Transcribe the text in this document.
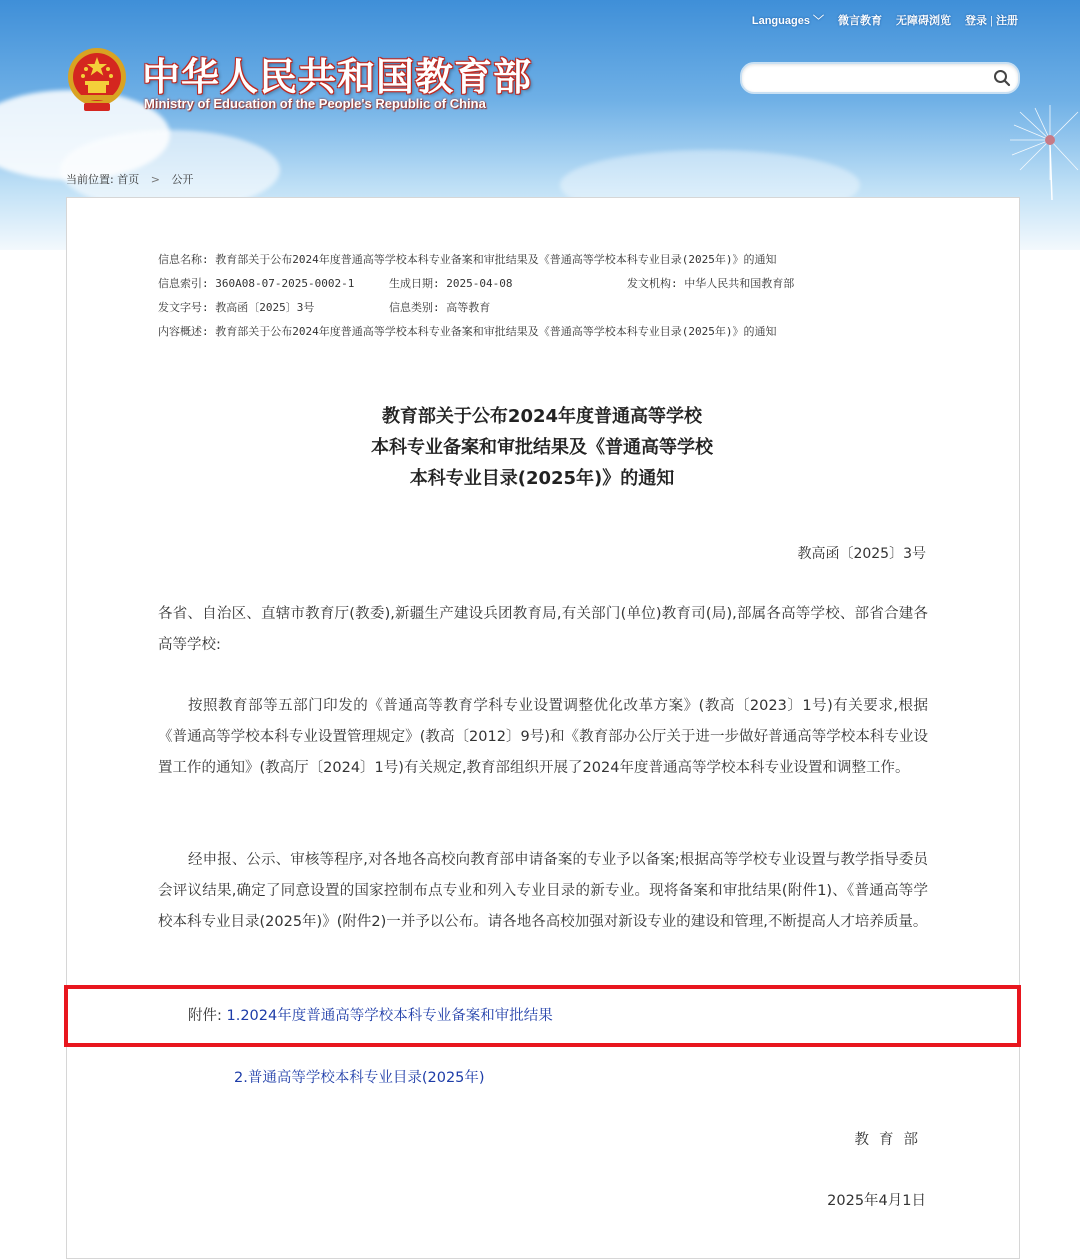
中华人民共和国教育部
Ministry of Education of the People's Republic of China
Languages ﹀ 微言教育 无障碍浏览 登录 | 注册
当前位置: 首页 > 公开
信息名称: 教育部关于公布2024年度普通高等学校本科专业备案和审批结果及《普通高等学校本科专业目录(2025年)》的通知
信息索引: 360A08-07-2025-0002-1	生成日期: 2025-04-08	发文机构: 中华人民共和国教育部
发文字号: 教高函〔2025〕3号	信息类别: 高等教育
内容概述: 教育部关于公布2024年度普通高等学校本科专业备案和审批结果及《普通高等学校本科专业目录(2025年)》的通知
教育部关于公布2024年度普通高等学校
本科专业备案和审批结果及《普通高等学校
本科专业目录(2025年)》的通知
教高函〔2025〕3号

各省、自治区、直辖市教育厅(教委),新疆生产建设兵团教育局,有关部门(单位)教育司(局),部属各高等学校、部省合建各高等学校:

按照教育部等五部门印发的《普通高等教育学科专业设置调整优化改革方案》(教高〔2023〕1号)有关要求,根据《普通高等学校本科专业设置管理规定》(教高〔2012〕9号)和《教育部办公厅关于进一步做好普通高等学校本科专业设置工作的通知》(教高厅〔2024〕1号)有关规定,教育部组织开展了2024年度普通高等学校本科专业设置和调整工作。

经申报、公示、审核等程序,对各地各高校向教育部申请备案的专业予以备案;根据高等学校专业设置与教学指导委员会评议结果,确定了同意设置的国家控制布点专业和列入专业目录的新专业。现将备案和审批结果(附件1)、《普通高等学校本科专业目录(2025年)》(附件2)一并予以公布。请各地各高校加强对新设专业的建设和管理,不断提高人才培养质量。

附件: 1.2024年度普通高等学校本科专业备案和审批结果
2.普通高等学校本科专业目录(2025年)
教育部
2025年4月1日
